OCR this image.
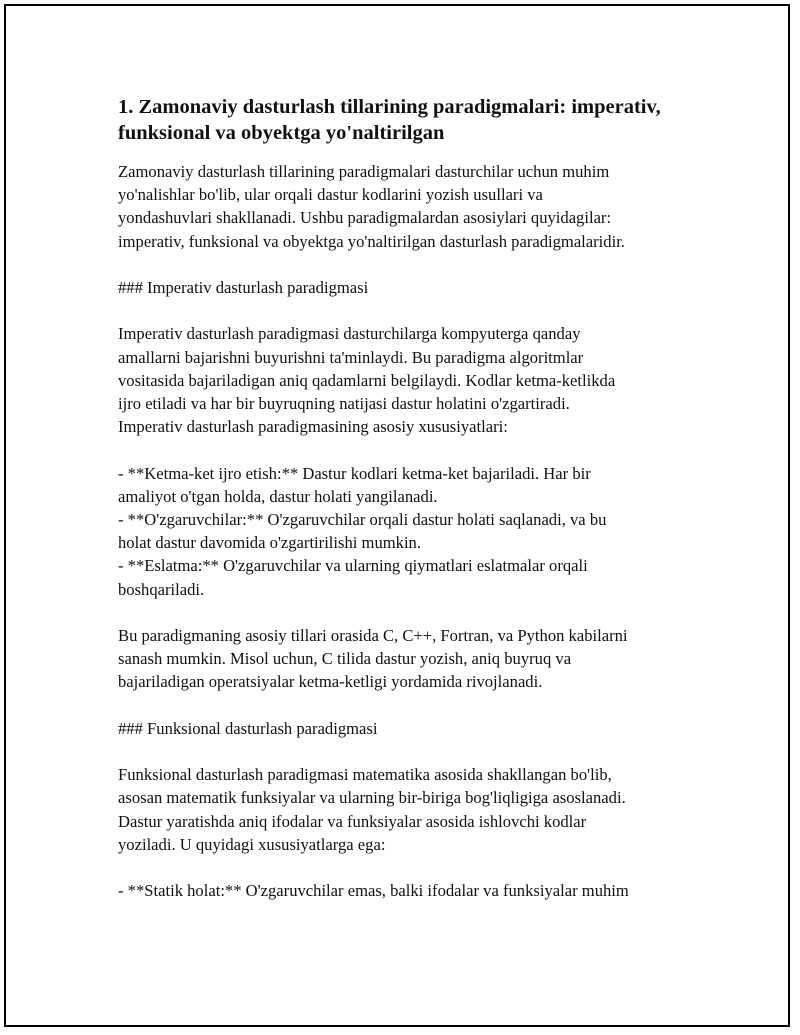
1. Zamonaviy dasturlash tillarining paradigmalari: imperativ,
funksional va obyektga yo'naltirilgan
Zamonaviy dasturlash tillarining paradigmalari dasturchilar uchun muhim
yo'nalishlar bo'lib, ular orqali dastur kodlarini yozish usullari va
yondashuvlari shakllanadi. Ushbu paradigmalardan asosiylari quyidagilar:
imperativ, funksional va obyektga yo'naltirilgan dasturlash paradigmalaridir.
### Imperativ dasturlash paradigmasi
Imperativ dasturlash paradigmasi dasturchilarga kompyuterga qanday
amallarni bajarishni buyurishni ta'minlaydi. Bu paradigma algoritmlar
vositasida bajariladigan aniq qadamlarni belgilaydi. Kodlar ketma-ketlikda
ijro etiladi va har bir buyruqning natijasi dastur holatini o'zgartiradi.
Imperativ dasturlash paradigmasining asosiy xususiyatlari:
- **Ketma-ket ijro etish:** Dastur kodlari ketma-ket bajariladi. Har bir
amaliyot o'tgan holda, dastur holati yangilanadi.
- **O'zgaruvchilar:** O'zgaruvchilar orqali dastur holati saqlanadi, va bu
holat dastur davomida o'zgartirilishi mumkin.
- **Eslatma:** O'zgaruvchilar va ularning qiymatlari eslatmalar orqali
boshqariladi.
Bu paradigmaning asosiy tillari orasida C, C++, Fortran, va Python kabilarni
sanash mumkin. Misol uchun, C tilida dastur yozish, aniq buyruq va
bajariladigan operatsiyalar ketma-ketligi yordamida rivojlanadi.
### Funksional dasturlash paradigmasi
Funksional dasturlash paradigmasi matematika asosida shakllangan bo'lib,
asosan matematik funksiyalar va ularning bir-biriga bog'liqligiga asoslanadi.
Dastur yaratishda aniq ifodalar va funksiyalar asosida ishlovchi kodlar
yoziladi. U quyidagi xususiyatlarga ega:
- **Statik holat:** O'zgaruvchilar emas, balki ifodalar va funksiyalar muhim
